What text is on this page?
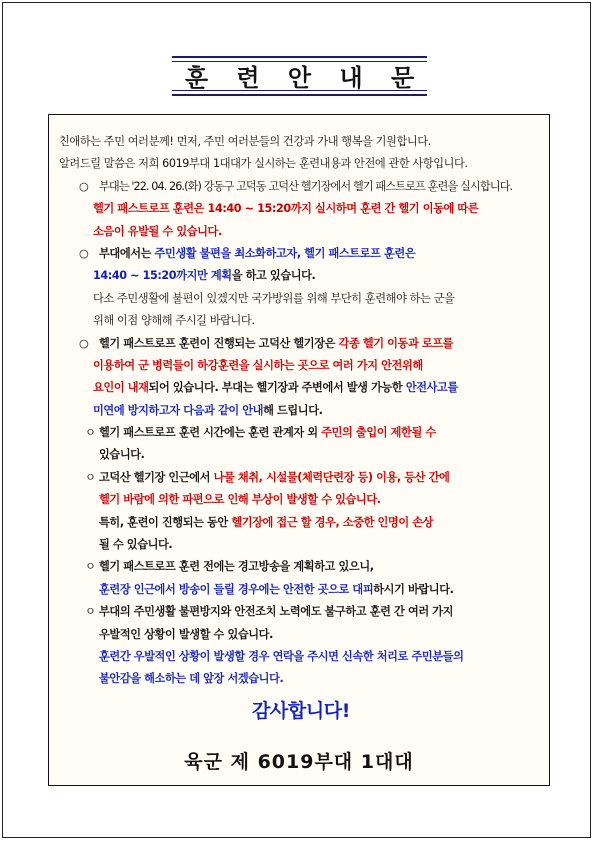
훈 련 안 내 문
친애하는 주민 여러분께! 먼저, 주민 여러분들의 건강과 가내 행복을 기원합니다.
알려드릴 말씀은 저희 6019부대 1대대가 실시하는 훈련내용과 안전에 관한 사항입니다.
○ 부대는 '22. 04. 26.(화) 강동구 고덕동 고덕산 헬기장에서 헬기 패스트로프 훈련을 실시합니다.
헬기 패스트로프 훈련은 14:40 ~ 15:20까지 실시하며 훈련 간 헬기 이동에 따른
소음이 유발될 수 있습니다.
○ 부대에서는 주민생활 불편을 최소화하고자, 헬기 패스트로프 훈련은
14:40 ~ 15:20까지만 계획을 하고 있습니다.
다소 주민생활에 불편이 있겠지만 국가방위를 위해 부단히 훈련해야 하는 군을
위해 이점 양해해 주시길 바랍니다.
○ 헬기 패스트로프 훈련이 진행되는 고덕산 헬기장은 각종 헬기 이동과 로프를
이용하여 군 병력들이 하강훈련을 실시하는 곳으로 여러 가지 안전위해
요인이 내재되어 있습니다. 부대는 헬기장과 주변에서 발생 가능한 안전사고를
미연에 방지하고자 다음과 같이 안내해 드립니다.
ㅇ 헬기 패스트로프 훈련 시간에는 훈련 관계자 외 주민의 출입이 제한될 수
있습니다.
ㅇ 고덕산 헬기장 인근에서 나물 채취, 시설물(체력단련장 등) 이용, 등산 간에
헬기 바람에 의한 파편으로 인해 부상이 발생할 수 있습니다.
특히, 훈련이 진행되는 동안 헬기장에 접근 할 경우, 소중한 인명이 손상
될 수 있습니다.
ㅇ 헬기 패스트로프 훈련 전에는 경고방송을 계획하고 있으니,
훈련장 인근에서 방송이 들릴 경우에는 안전한 곳으로 대피하시기 바랍니다.
ㅇ 부대의 주민생활 불편방지와 안전조치 노력에도 불구하고 훈련 간 여러 가지
우발적인 상황이 발생할 수 있습니다.
훈련간 우발적인 상황이 발생할 경우 연락을 주시면 신속한 처리로 주민분들의
불안감을 해소하는 데 앞장 서겠습니다.
감사합니다!
육군 제 6019부대 1대대
